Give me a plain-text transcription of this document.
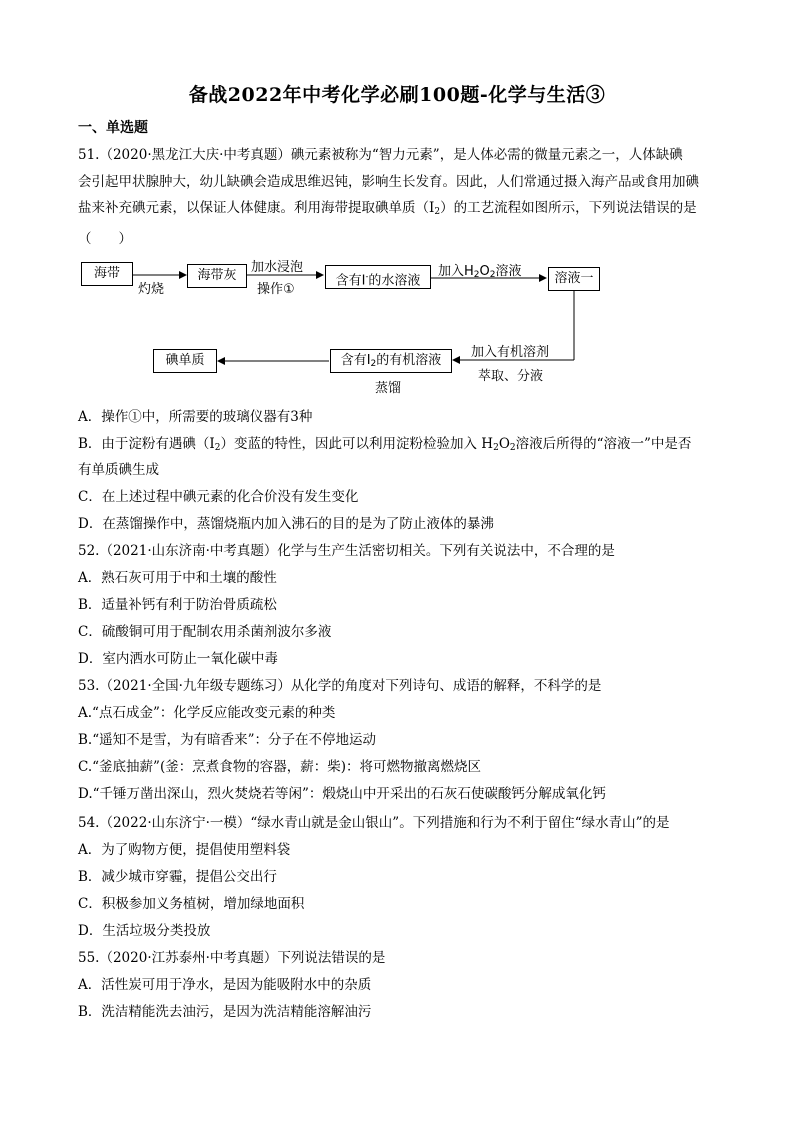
备战2022年中考化学必刷100题-化学与生活③
一、单选题
51.（2020·黑龙江大庆·中考真题）碘元素被称为“智力元素”，是人体必需的微量元素之一，人体缺碘
会引起甲状腺肿大，幼儿缺碘会造成思维迟钝，影响生长发育。因此，人们常通过摄入海产品或食用加碘
盐来补充碘元素，以保证人体健康。利用海带提取碘单质$(I_2)$的工艺流程如图所示，下列说法错误的是
（　　）
海带	海带灰	含有I-的水溶液	溶液一
含有$I_2$的有机溶液
碘单质
灼烧
加水浸泡
操作①
加入$H_2O_2$溶液
加入有机溶剂
萃取、分液
蒸馏
A．操作①中，所需要的玻璃仪器有3种
B．由于淀粉有遇碘$(I_2)$变蓝的特性，因此可以利用淀粉检验加入 $H_2O_2$溶液后所得的“溶液一”中是否
有单质碘生成
C．在上述过程中碘元素的化合价没有发生变化
D．在蒸馏操作中，蒸馏烧瓶内加入沸石的目的是为了防止液体的暴沸
52.（2021·山东济南·中考真题）化学与生产生活密切相关。下列有关说法中，不合理的是
A．熟石灰可用于中和土壤的酸性
B．适量补钙有利于防治骨质疏松
C．硫酸铜可用于配制农用杀菌剂波尔多液
D．室内洒水可防止一氧化碳中毒
53.（2021·全国·九年级专题练习）从化学的角度对下列诗句、成语的解释，不科学的是
A.“点石成金”：化学反应能改变元素的种类
B.“遥知不是雪，为有暗香来”：分子在不停地运动
C.“釜底抽薪”(釜：烹煮食物的容器，薪：柴)：将可燃物撤离燃烧区
D.“千锤万凿出深山，烈火焚烧若等闲”：煅烧山中开采出的石灰石使碳酸钙分解成氧化钙
54.（2022·山东济宁·一模）“绿水青山就是金山银山”。下列措施和行为不利于留住“绿水青山”的是
A．为了购物方便，提倡使用塑料袋
B．减少城市穿霾，提倡公交出行
C．积极参加义务植树，增加绿地面积
D．生活垃圾分类投放
55.（2020·江苏泰州·中考真题）下列说法错误的是
A．活性炭可用于净水，是因为能吸附水中的杂质
B．洗洁精能洗去油污，是因为洗洁精能溶解油污
